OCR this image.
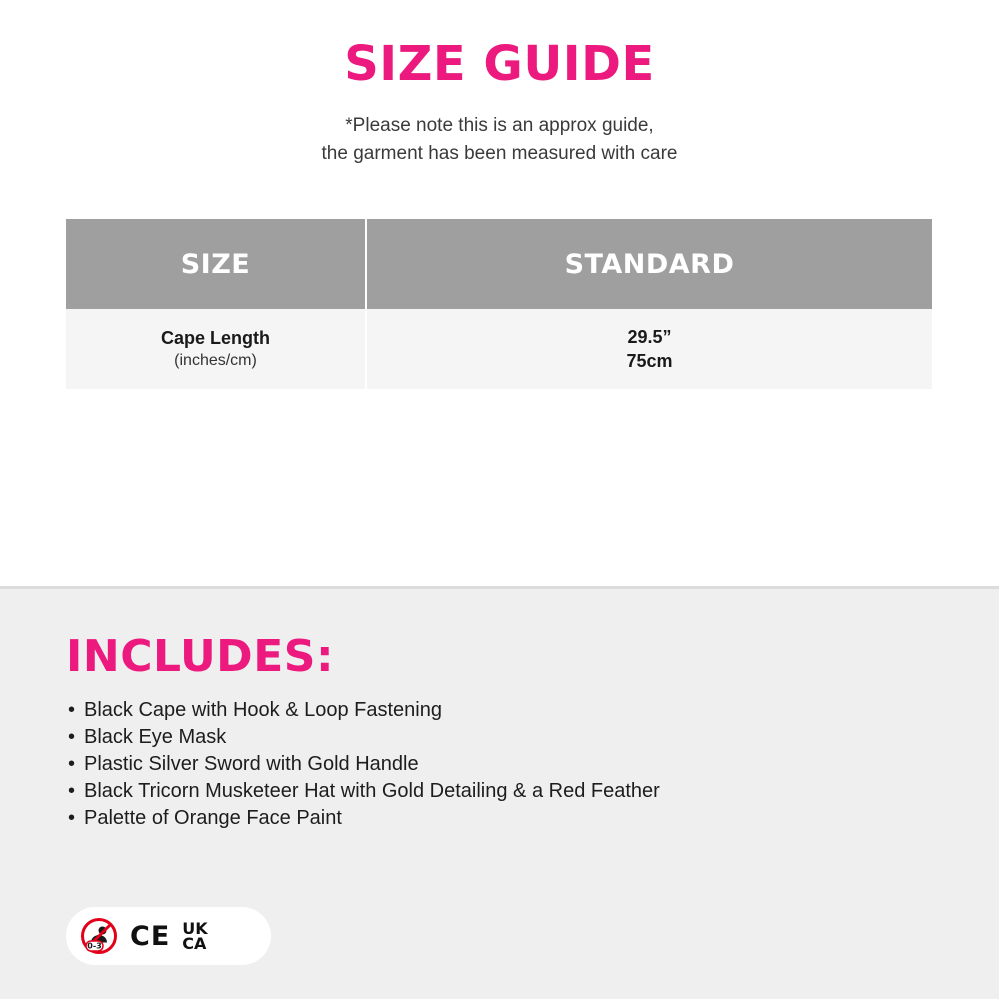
SIZE GUIDE
*Please note this is an approx guide,
the garment has been measured with care
SIZE	STANDARD

Cape Length
(inches/cm)	29.5”
75cm
INCLUDES:
• Black Cape with Hook & Loop Fastening
• Black Eye Mask
• Plastic Silver Sword with Gold Handle
• Black Tricorn Musketeer Hat with Gold Detailing & a Red Feather
• Palette of Orange Face Paint
0-3 CE UK
CA
